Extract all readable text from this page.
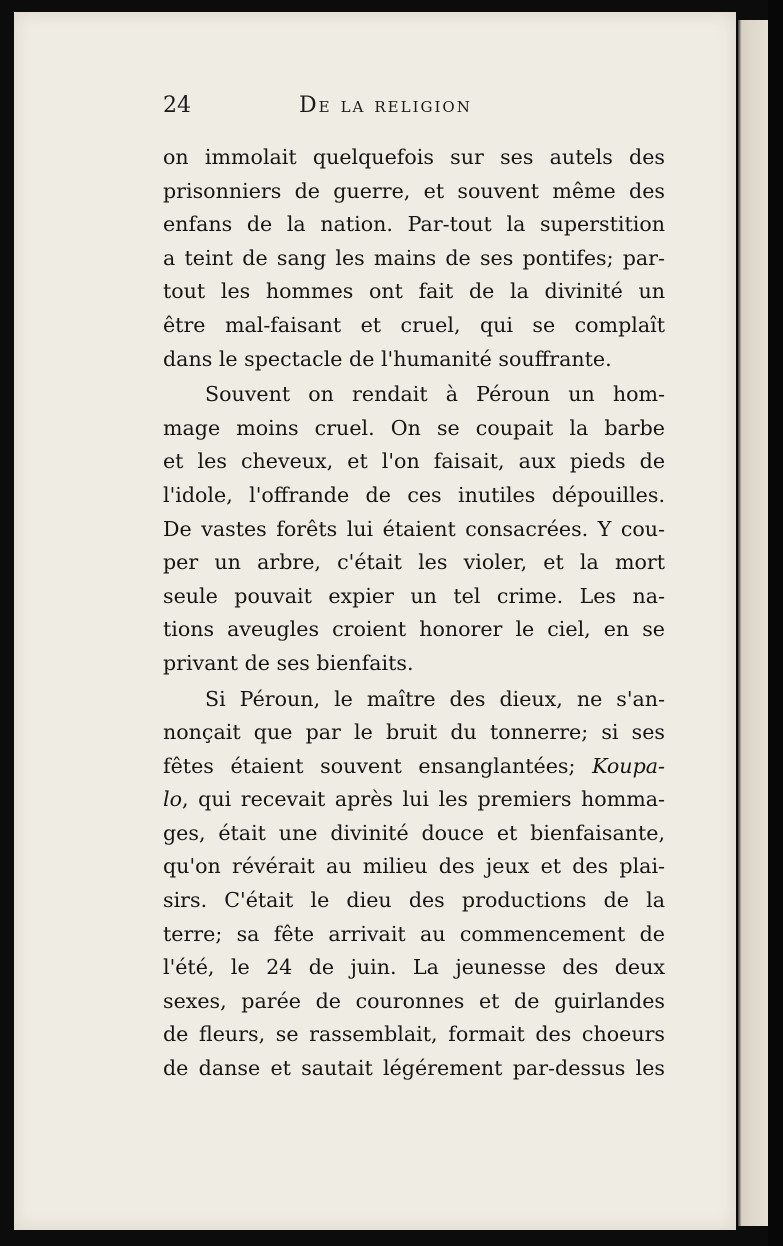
24	De la religion
on immolait quelquefois sur ses autels des
prisonniers de guerre, et souvent même des
enfans de la nation. Par-tout la superstition
a teint de sang les mains de ses pontifes; par-
tout les hommes ont fait de la divinité un
être mal-faisant et cruel, qui se complaît
dans le spectacle de l'humanité souffrante.
Souvent on rendait à Péroun un hom-
mage moins cruel. On se coupait la barbe
et les cheveux, et l'on faisait, aux pieds de
l'idole, l'offrande de ces inutiles dépouilles.
De vastes forêts lui étaient consacrées. Y cou-
per un arbre, c'était les violer, et la mort
seule pouvait expier un tel crime. Les na-
tions aveugles croient honorer le ciel, en se
privant de ses bienfaits.
Si Péroun, le maître des dieux, ne s'an-
nonçait que par le bruit du tonnerre; si ses
fêtes étaient souvent ensanglantées; Koupa-
lo, qui recevait après lui les premiers homma-
ges, était une divinité douce et bienfaisante,
qu'on révérait au milieu des jeux et des plai-
sirs. C'était le dieu des productions de la
terre; sa fête arrivait au commencement de
l'été, le 24 de juin. La jeunesse des deux
sexes, parée de couronnes et de guirlandes
de fleurs, se rassemblait, formait des choeurs
de danse et sautait légérement par-dessus les
